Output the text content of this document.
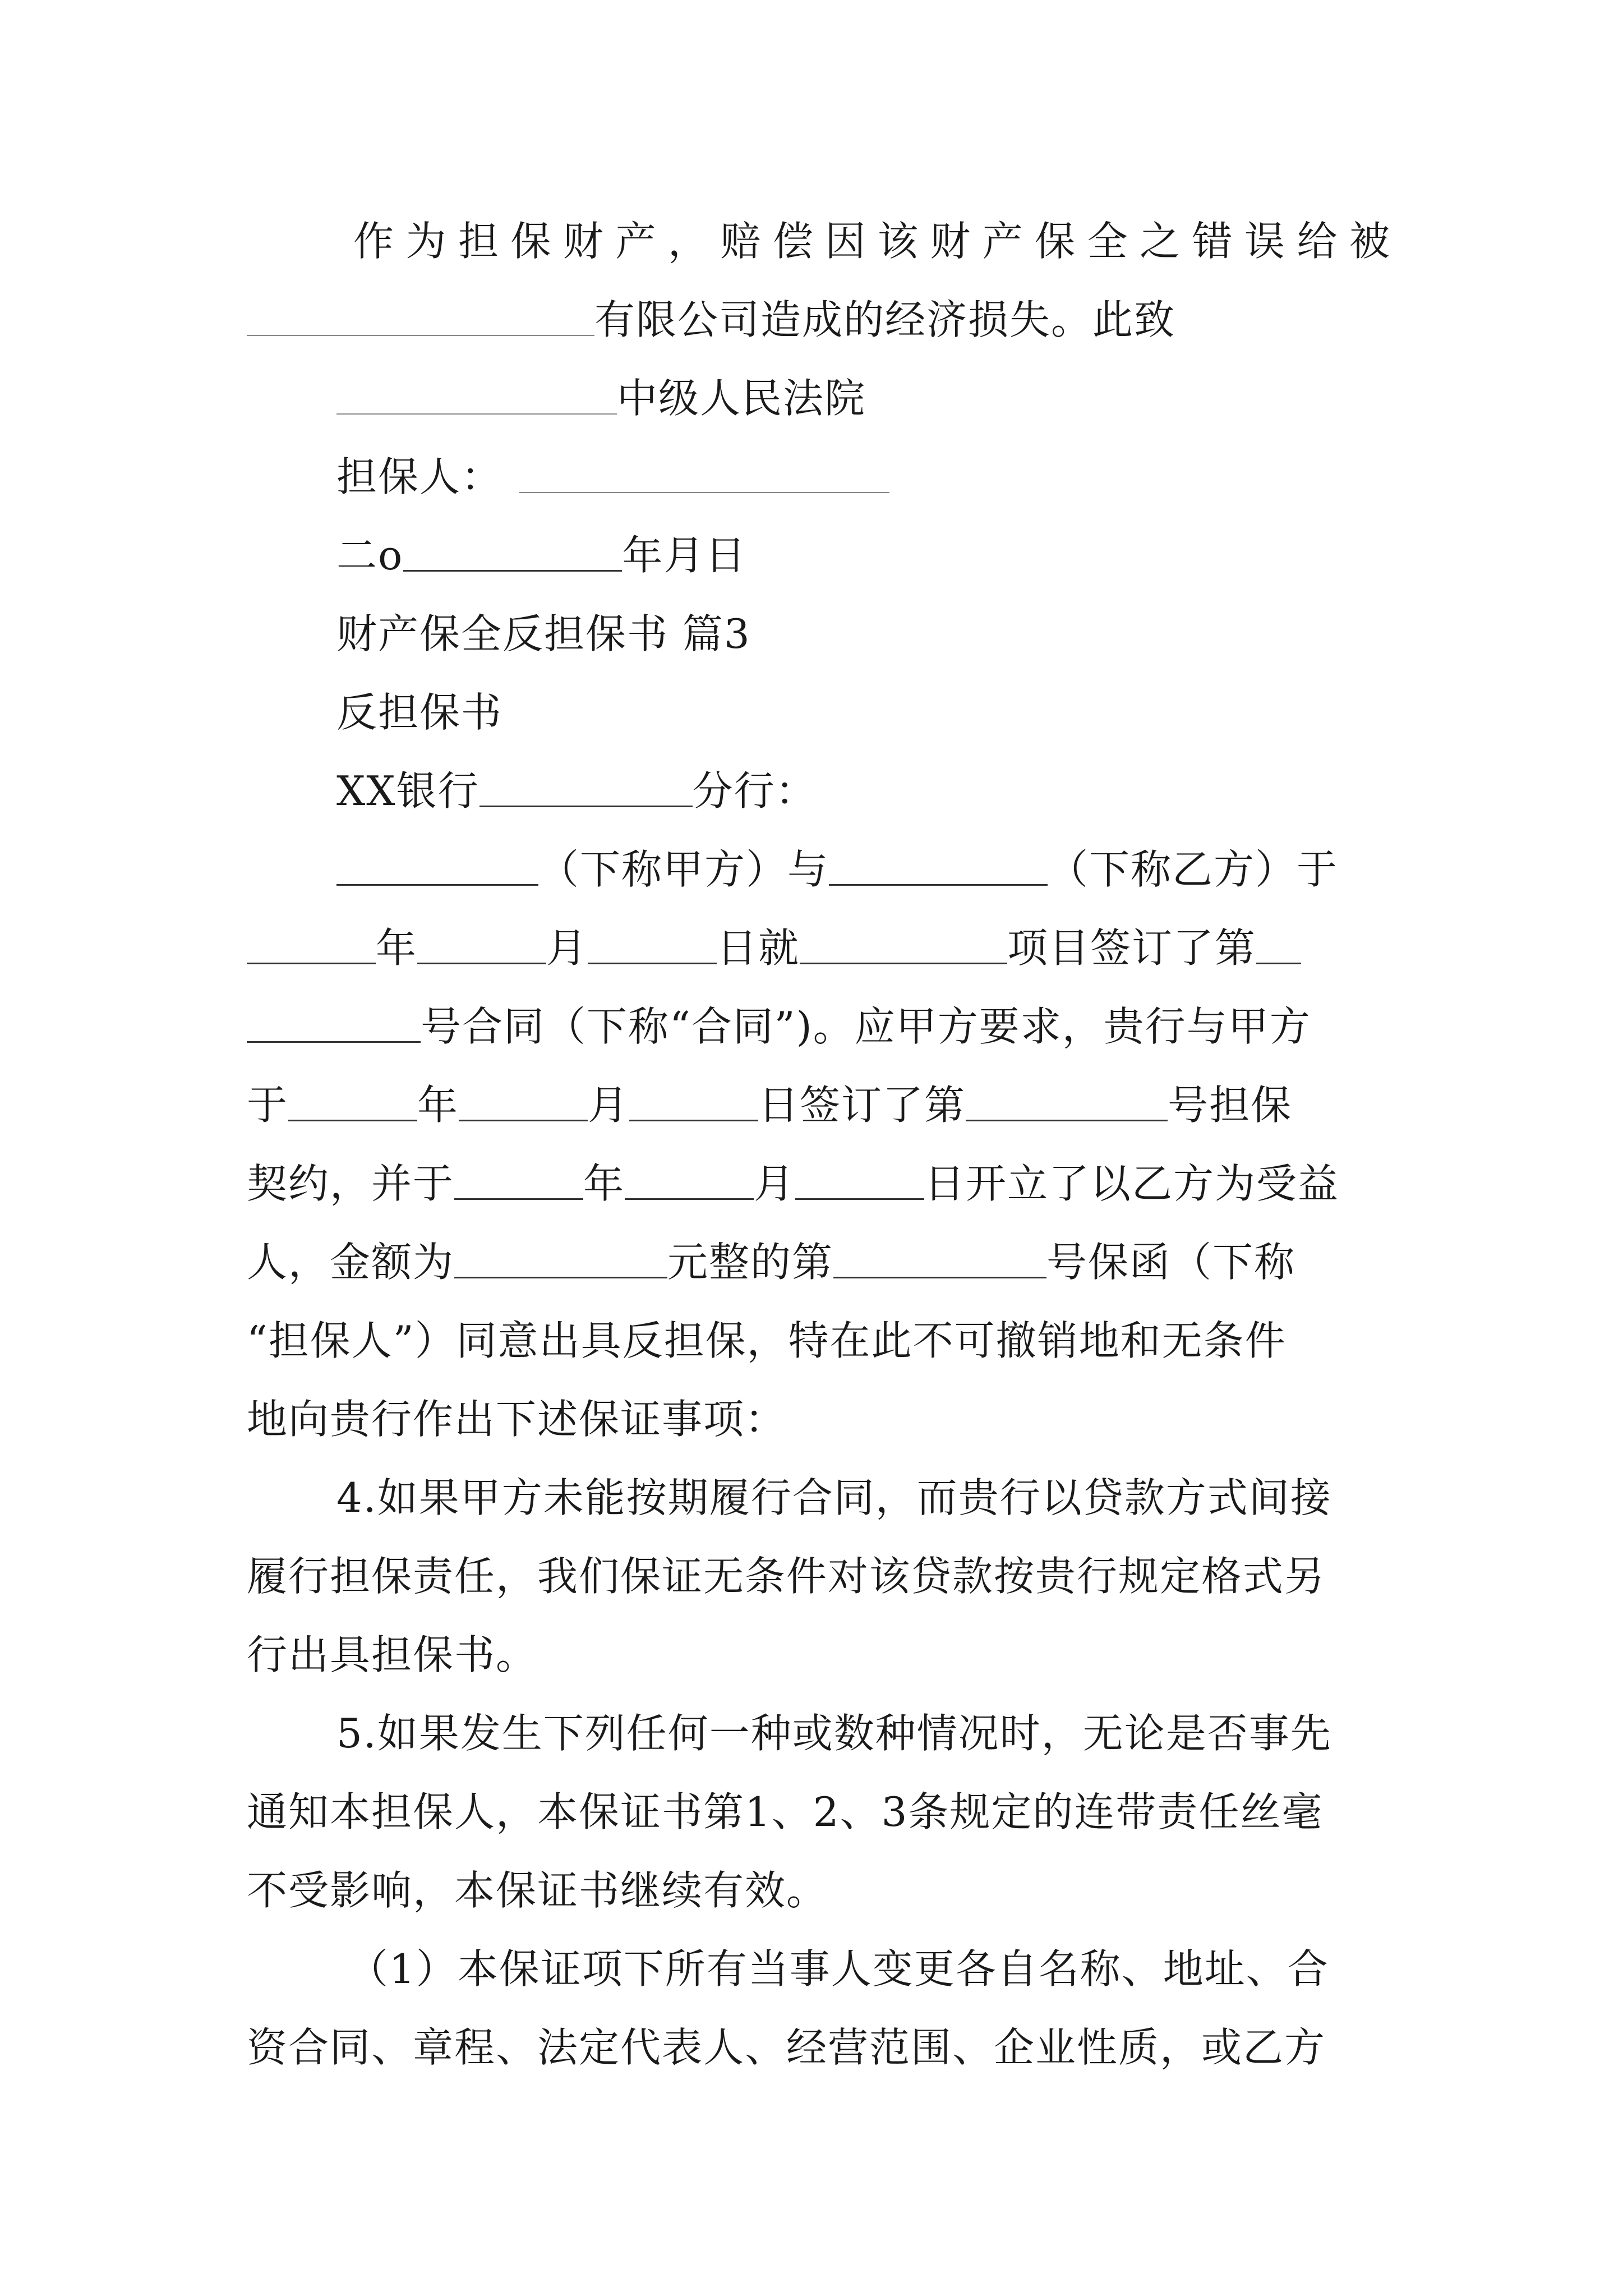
作为担保财产，赔偿因该财产保全之错误给被
有限公司造成的经济损失。此致
中级人民法院
担保人：
二o	年月日
财产保全反担保书 篇3
反担保书
XX银行	分行：
（下称甲方）与	（下称乙方）于
年	月	日就	项目签订了第
号合同（下称“合同”)。应甲方要求，贵行与甲方
于	年	月	日签订了第	号担保
契约，并于	年	月	日开立了以乙方为受益
人，金额为	元整的第	号保函（下称
“担保人”）同意出具反担保，特在此不可撤销地和无条件
地向贵行作出下述保证事项：
4.如果甲方未能按期履行合同，而贵行以贷款方式间接
履行担保责任，我们保证无条件对该贷款按贵行规定格式另
行出具担保书。
5.如果发生下列任何一种或数种情况时，无论是否事先
通知本担保人，本保证书第1、2、3条规定的连带责任丝毫
不受影响，本保证书继续有效。
（1）本保证项下所有当事人变更各自名称、地址、合
资合同、章程、法定代表人、经营范围、企业性质，或乙方
